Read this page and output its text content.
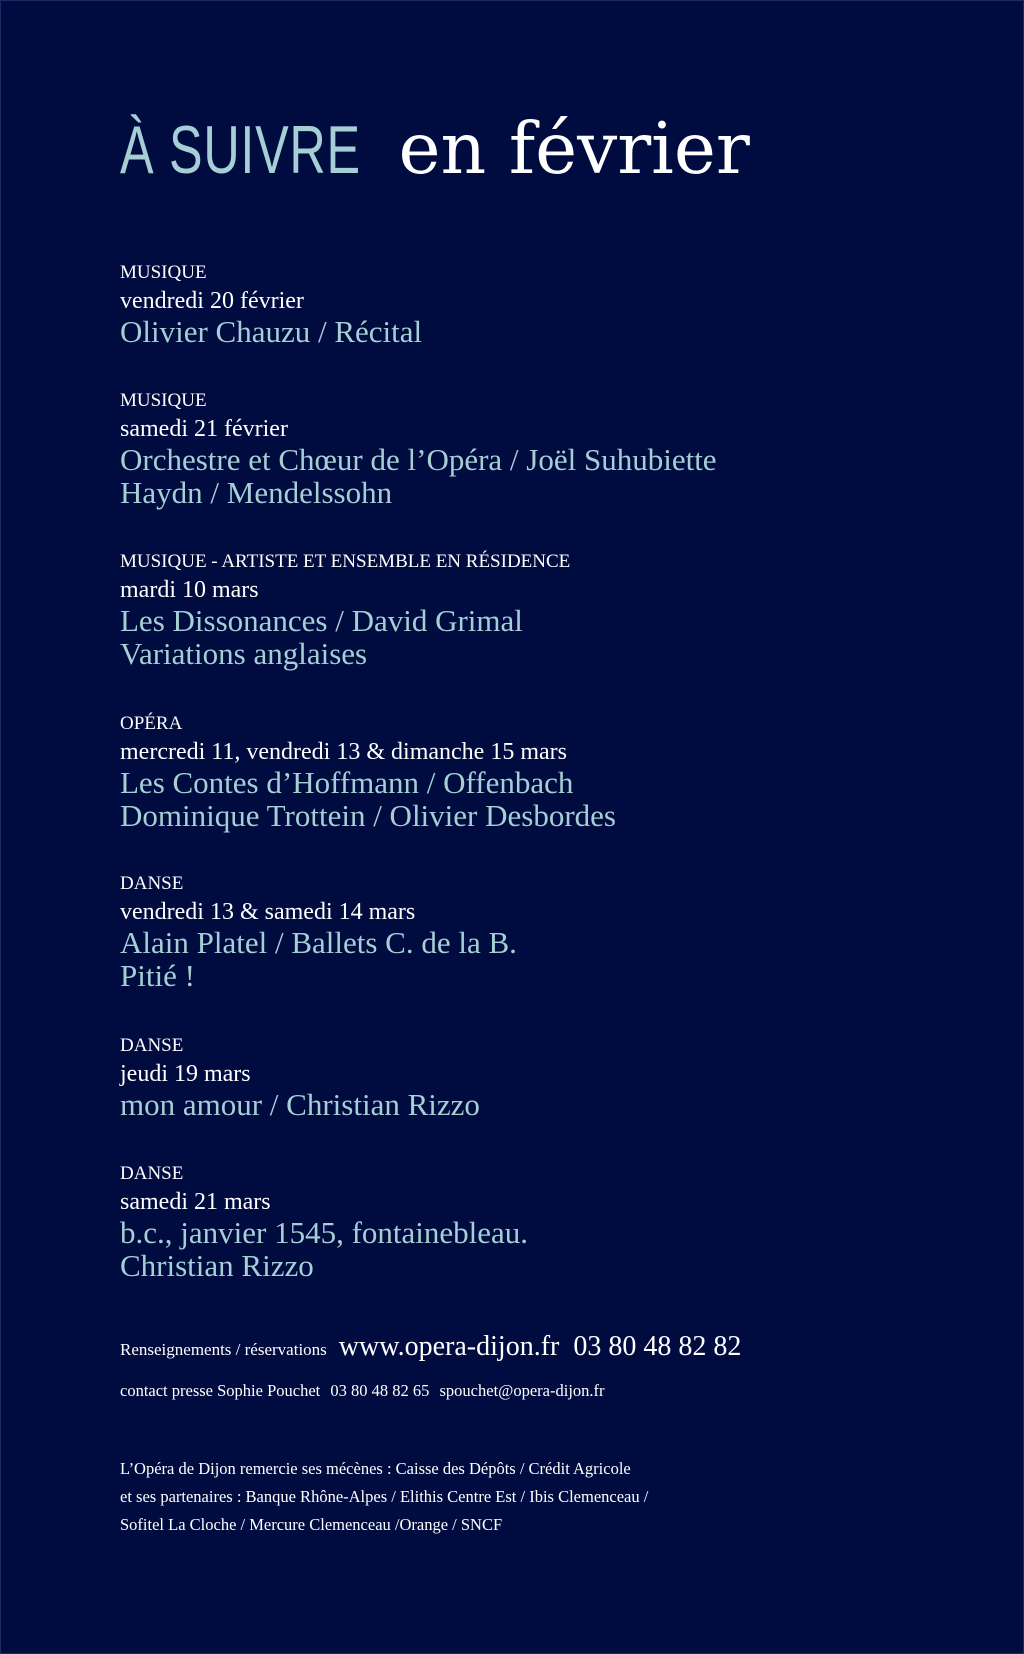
À SUIVRE en février
MUSIQUE
vendredi 20 février
Olivier Chauzu / Récital
MUSIQUE
samedi 21 février
Orchestre et Chœur de l’Opéra / Joël Suhubiette
Haydn / Mendelssohn
MUSIQUE - ARTISTE ET ENSEMBLE EN RÉSIDENCE
mardi 10 mars
Les Dissonances / David Grimal
Variations anglaises
OPÉRA
mercredi 11, vendredi 13 & dimanche 15 mars
Les Contes d’Hoffmann / Offenbach
Dominique Trottein / Olivier Desbordes
DANSE
vendredi 13 & samedi 14 mars
Alain Platel / Ballets C. de la B.
Pitié !
DANSE
jeudi 19 mars
mon amour / Christian Rizzo
DANSE
samedi 21 mars
b.c., janvier 1545, fontainebleau.
Christian Rizzo
Renseignements / réservations www.opera-dijon.fr 03 80 48 82 82
contact presse Sophie Pouchet 03 80 48 82 65 spouchet@opera-dijon.fr
L’Opéra de Dijon remercie ses mécènes : Caisse des Dépôts / Crédit Agricole
et ses partenaires : Banque Rhône-Alpes / Elithis Centre Est / Ibis Clemenceau /
Sofitel La Cloche / Mercure Clemenceau /Orange / SNCF
